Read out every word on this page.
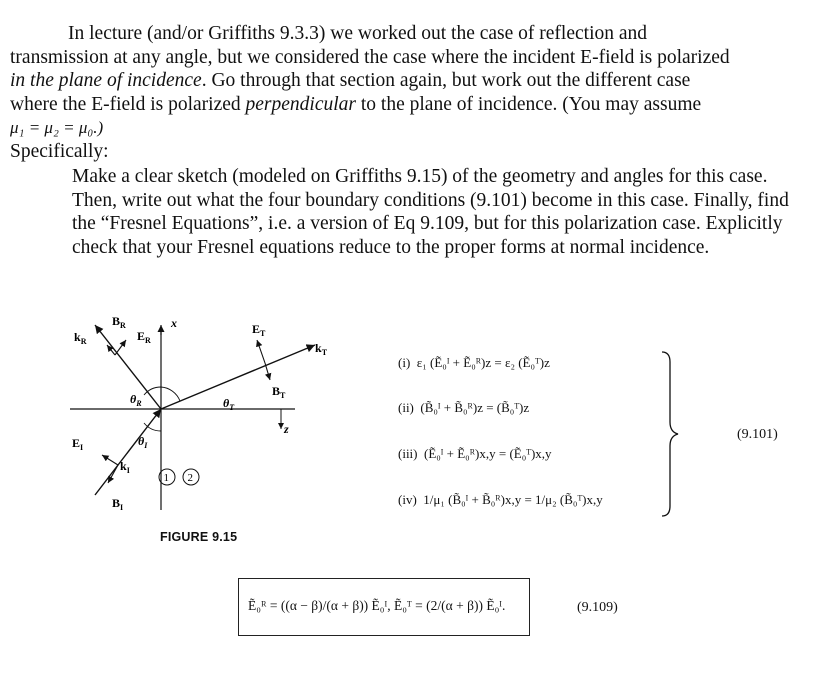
In lecture (and/or Griffiths 9.3.3) we worked out the case of reflection and
transmission at any angle, but we considered the case where the incident E-field is polarized
in the plane of incidence. Go through that section again, but work out the different case
where the E-field is polarized perpendicular to the plane of incidence. (You may assume
μ₁ = μ₂ = μ₀.)
Specifically:

Make a clear sketch (modeled on Griffiths 9.15) of the geometry and angles for this case. Then, write out what the four boundary conditions (9.101) become in this case. Finally, find the “Fresnel Equations”, i.e. a version of Eq 9.109, but for this polarization case. Explicitly check that your Fresnel equations reduce to the proper forms at normal incidence.

$k_R$
$B_R$
$E_R$
x	$E_T$
$k_T$
$B_T$
$\theta_R$	$\theta_T$
$\theta_I$
$E_I$
$k_I$
$B_I$
z
1 2
FIGURE 9.15
(i) ε₁ (Ẽ₀ᴵ + Ẽ₀ᴿ)z = ε₂ (Ẽ₀ᵀ)z
(ii) (B̃₀ᴵ + B̃₀ᴿ)z = (B̃₀ᵀ)z
(iii) (Ẽ₀ᴵ + Ẽ₀ᴿ)x,y = (Ẽ₀ᵀ)x,y
(iv) 1/μ₁ (B̃₀ᴵ + B̃₀ᴿ)x,y = 1/μ₂ (B̃₀ᵀ)x,y
(9.101)
Ẽ₀ᴿ = ((α − β)/(α + β)) Ẽ₀ᴵ, Ẽ₀ᵀ = (2/(α + β)) Ẽ₀ᴵ.	(9.109)
